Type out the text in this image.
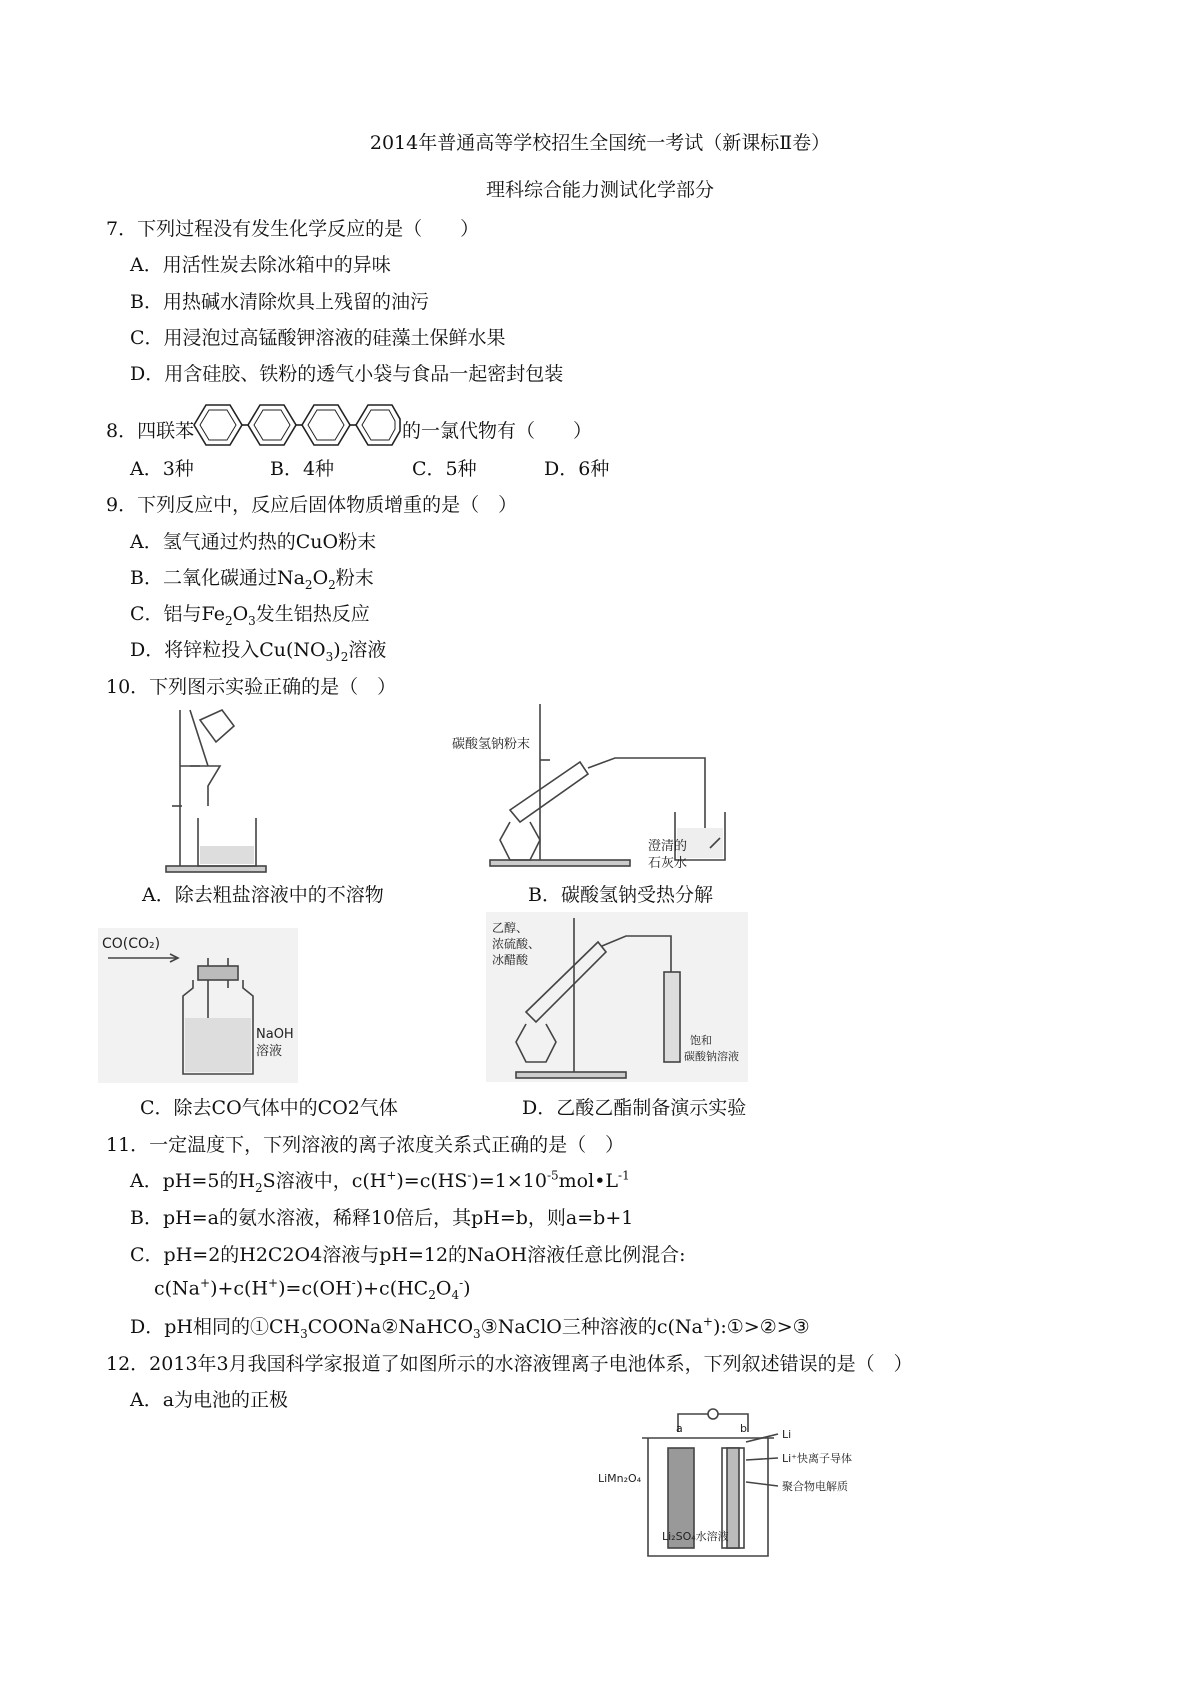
2014年普通高等学校招生全国统一考试（新课标Ⅱ卷）
理科综合能力测试化学部分
7．下列过程没有发生化学反应的是（　　）
A．用活性炭去除冰箱中的异味
B．用热碱水清除炊具上残留的油污
C．用浸泡过高锰酸钾溶液的硅藻土保鲜水果
D．用含硅胶、铁粉的透气小袋与食品一起密封包装
8．四联苯	的一氯代物有（　　）
A．3种	B．4种	C．5种	D．6种
9．下列反应中，反应后固体物质增重的是（　）
A．氢气通过灼热的CuO粉末
B．二氧化碳通过$Na_2O_2$粉末
C．铝与$Fe_2O_3$发生铝热反应
D．将锌粒投入$Cu(NO_3)_2$溶液
10．下列图示实验正确的是（　）
A．除去粗盐溶液中的不溶物
碳酸氢钠粉末
澄清的
石灰水
B．碳酸氢钠受热分解
CO(CO₂)
NaOH
溶液
C．除去CO气体中的CO2气体
乙醇、
浓硫酸、
冰醋酸
饱和
碳酸钠溶液
D．乙酸乙酯制备演示实验
11．一定温度下，下列溶液的离子浓度关系式正确的是（　）
A．pH=5的$H_2S$溶液中，$c(H^+)=c(HS^-)=1\times 10^{-5}mol•L^{-1}$
B．pH=a的氨水溶液，稀释10倍后，其pH=b，则a=b+1
C．pH=2的H2C2O4溶液与pH=12的NaOH溶液任意比例混合:
$c(Na^+)+c(H^+)=c(OH^-)+c(HC_2O_4^-)$
D．pH相同的$①CH_3COONa②NaHCO_3③NaClO$三种溶液的c(Na+):①>②>③
12．2013年3月我国科学家报道了如图所示的水溶液锂离子电池体系，下列叙述错误的是（　）
A．a为电池的正极
a	b
LiMn₂O₄
Li
Li⁺快离子导体
聚合物电解质
Li₂SO₄水溶液
